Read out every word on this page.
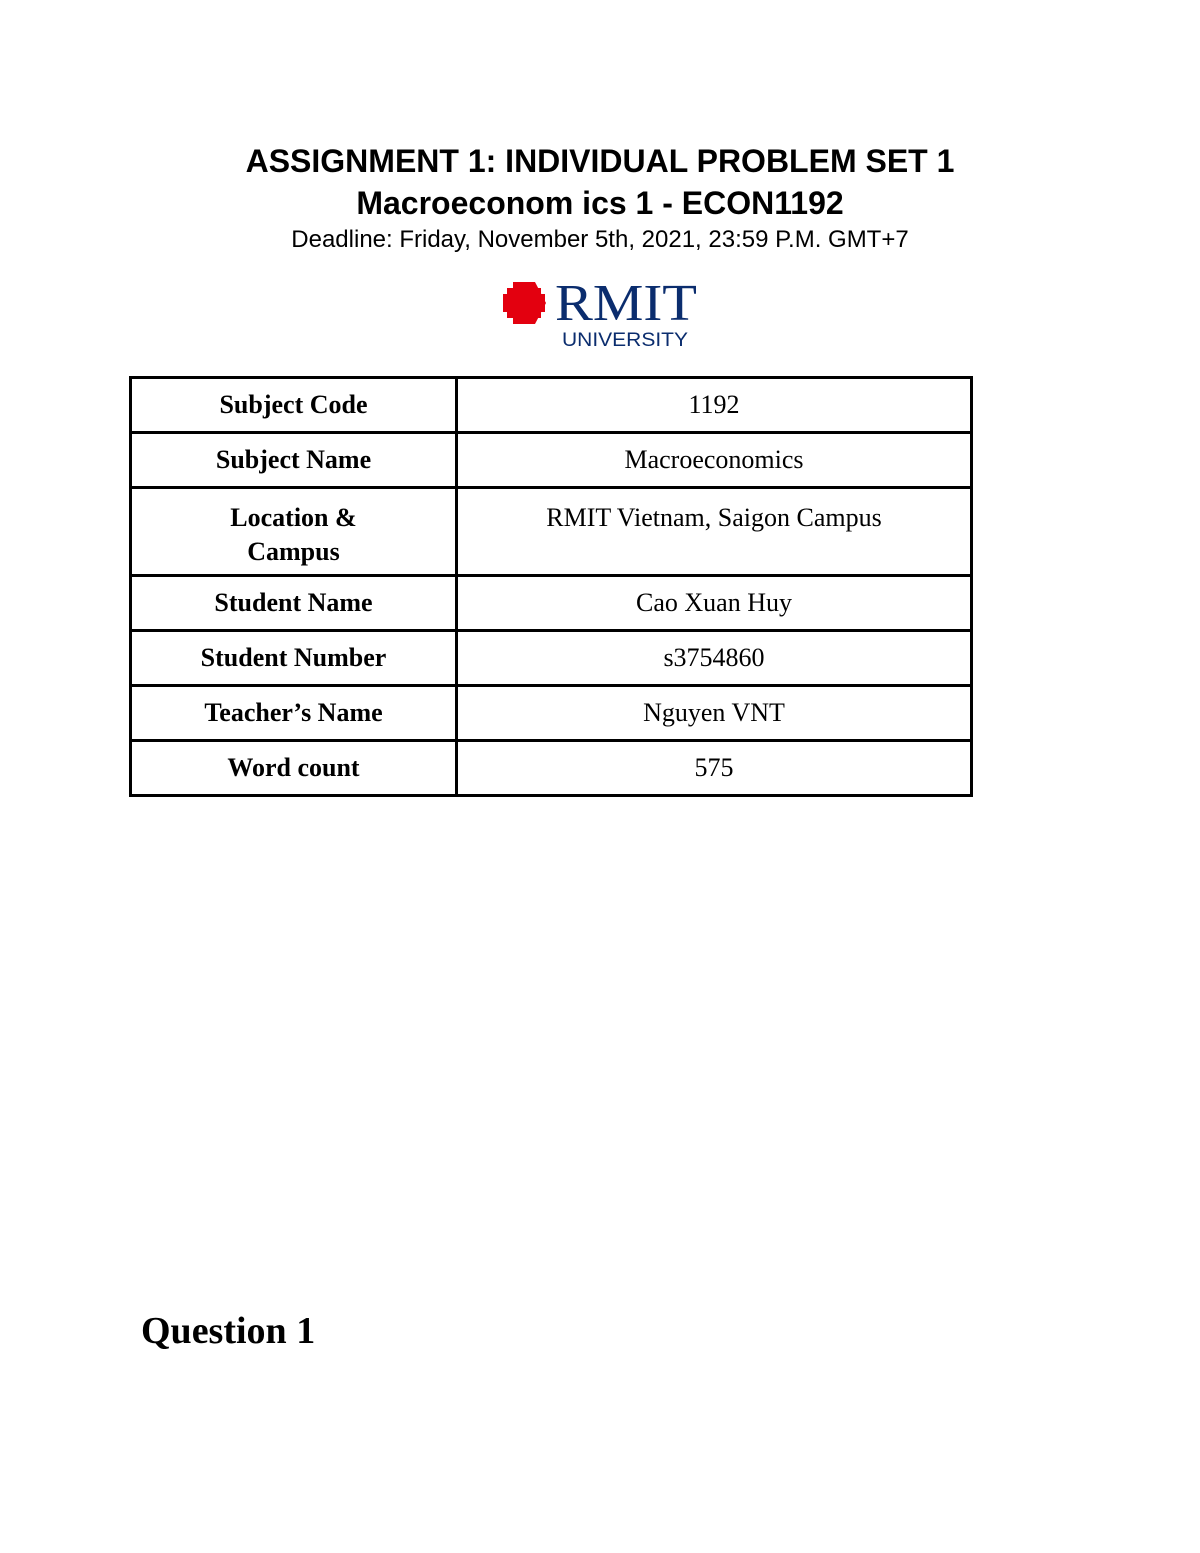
ASSIGNMENT 1: INDIVIDUAL PROBLEM SET 1
Macroeconom ics 1 - ECON1192
Deadline: Friday, November 5th, 2021, 23:59 P.M. GMT+7
RMIT
UNIVERSITY
Subject Code	1192
Subject Name	Macroeconomics
Location & Campus	RMIT Vietnam, Saigon Campus
Student Name	Cao Xuan Huy
Student Number	s3754860
Teacher’s Name	Nguyen VNT
Word count	575
Question 1
